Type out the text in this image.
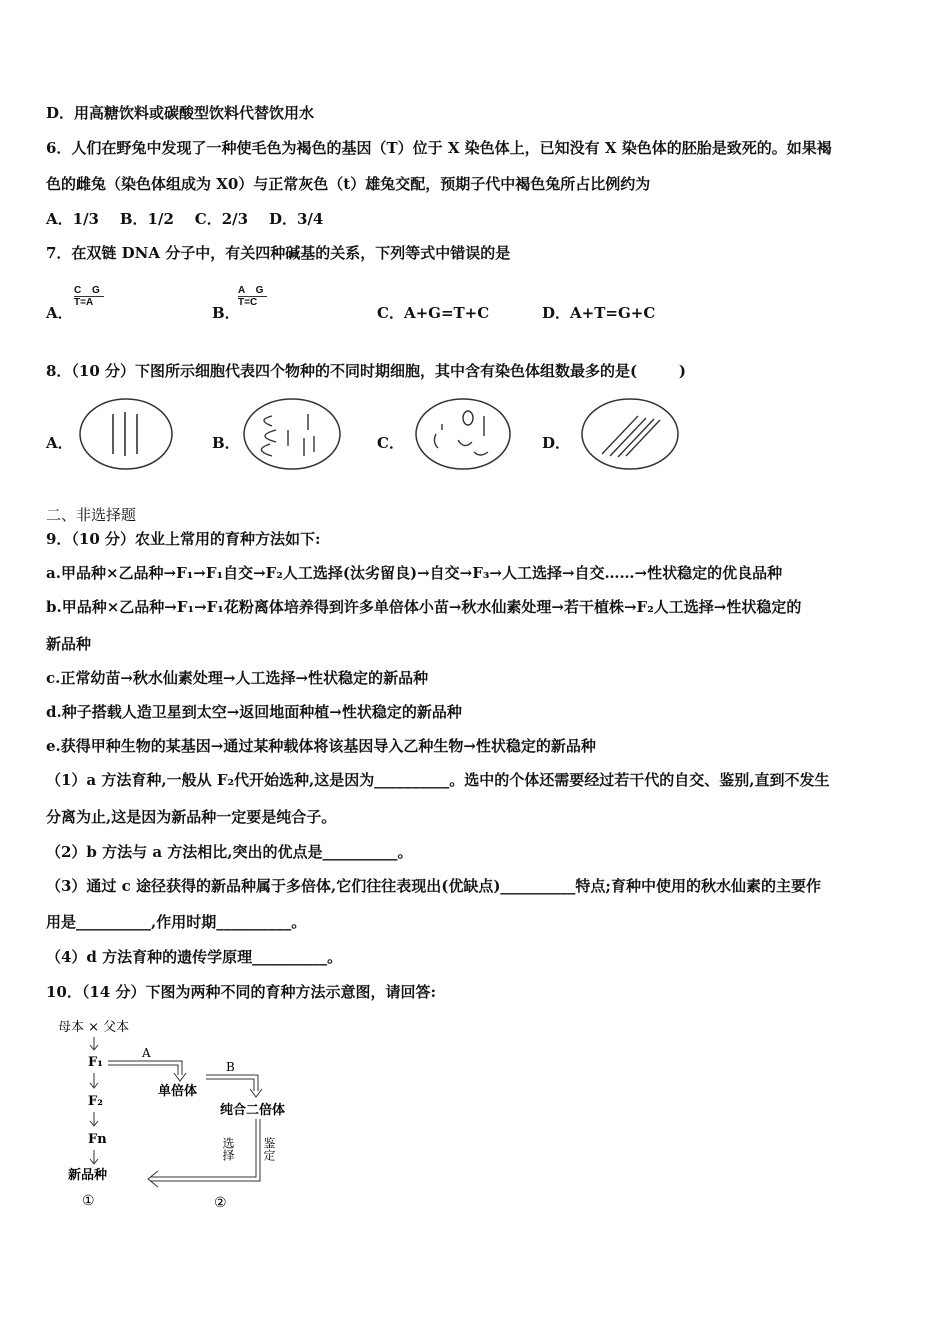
D．用高糖饮料或碳酸型饮料代替饮用水
6．人们在野兔中发现了一种使毛色为褐色的基因（T）位于 X 染色体上，已知没有 X 染色体的胚胎是致死的。如果褐
色的雌兔（染色体组成为 X0）与正常灰色（t）雄兔交配，预期子代中褐色兔所占比例约为
A．1/3    B．1/2    C．2/3    D．3/4
7．在双链 DNA 分子中，有关四种碱基的关系，下列等式中错误的是
A．
$\frac{\text{C G}}{T=A}$
B．
$\frac{\text{A G}}{T=C}$
C．A+G=T+C	D．A+T=G+C
8．（10 分）下图所示细胞代表四个物种的不同时期细胞，其中含有染色体组数最多的是(        )
A．	B．	C．	D．
二、非选择题
9．（10 分）农业上常用的育种方法如下:
a.甲品种×乙品种→F₁→F₁自交→F₂人工选择(汰劣留良)→自交→F₃→人工选择→自交……→性状稳定的优良品种
b.甲品种×乙品种→F₁→F₁花粉离体培养得到许多单倍体小苗→秋水仙素处理→若干植株→F₂人工选择→性状稳定的
新品种
c.正常幼苗→秋水仙素处理→人工选择→性状稳定的新品种
d.种子搭载人造卫星到太空→返回地面种植→性状稳定的新品种
e.获得甲种生物的某基因→通过某种载体将该基因导入乙种生物→性状稳定的新品种
（1）a 方法育种,一般从 F₂代开始选种,这是因为__________。选中的个体还需要经过若干代的自交、鉴别,直到不发生
分离为止,这是因为新品种一定要是纯合子。
（2）b 方法与 a 方法相比,突出的优点是__________。
（3）通过 c 途径获得的新品种属于多倍体,它们往往表现出(优缺点)__________特点;育种中使用的秋水仙素的主要作
用是__________,作用时期__________。
（4）d 方法育种的遗传学原理__________。
10．（14 分）下图为两种不同的育种方法示意图，请回答:
母本 × 父本
F₁
F₂
Fn
新品种
①
A
单倍体
B
纯合二倍体
选择 鉴定
②
